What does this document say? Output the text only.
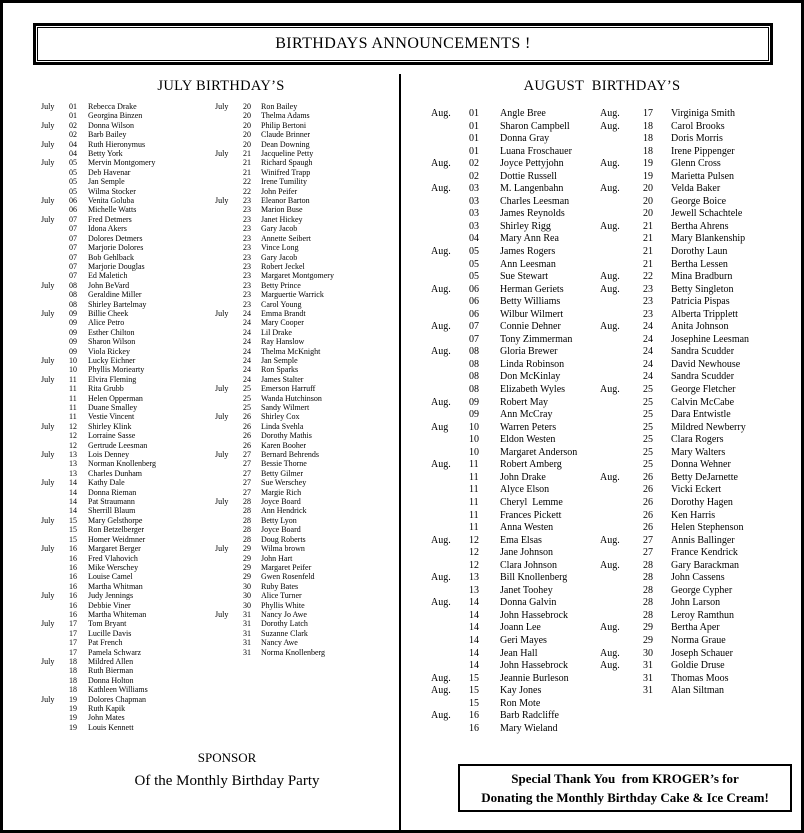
BIRTHDAYS ANNOUNCEMENTS !
JULY BIRTHDAY’S	AUGUST  BIRTHDAY’S
July	01	Rebecca Drake
01	Georgina Binzen
July	02	Donna Wilson
02	Barb Bailey
July	04	Ruth Hieronymus
04	Betty York
July	05	Mervin Montgomery
05	Deb Havenar
05	Jan Semple
05	Wilma Stocker
July	06	Venita Goluba
06	Michelle Watts
July	07	Fred Detmers
07	Idona Akers
07	Dolores Detmers
07	Marjorie Dolores
07	Bob Gehlback
07	Marjorie Douglas
07	Ed Maletich
July	08	John BeVard
08	Geraldine Miller
08	Shirley Bartelmay
July	09	Billie Cheek
09	Alice Petro
09	Esther Chilton
09	Sharon Wilson
09	Viola Rickey
July	10	Lucky Eichner
10	Phyllis Moriearty
July	11	Elvira Fleming
11	Rita Grubb
11	Helen Opperman
11	Duane Smalley
11	Vestie Vincent
July	12	Shirley Klink
12	Lorraine Sasse
12	Gertrude Leesman
July	13	Lois Denney
13	Norman Knollenberg
13	Charles Dunham
July	14	Kathy Dale
14	Donna Rieman
14	Pat Straumann
14	Sherrill Blaum
July	15	Mary Gelsthorpe
15	Ron Betzelberger
15	Homer Weidmner
July	16	Margaret Berger
16	Fred Vlahovich
16	Mike Werschey
16	Louise Camel
16	Martha Whitman
July	16	Judy Jennings
16	Debbie Viner
16	Martha Whiteman
July	17	Tom Bryant
17	Lucille Davis
17	Pat French
17	Pamela Schwarz
July	18	Mildred Allen
18	Ruth Bierman
18	Donna Holton
18	Kathleen Williams
July	19	Dolores Chapman
19	Ruth Kapik
19	John Mates
19	Louis Kennett
July	20	Ron Bailey
20	Thelma Adams
20	Philip Bertoni
20	Claude Brinner
20	Dean Downing
July	21	Jacqueline Petty
21	Richard Spaugh
21	Winifred Trapp
22	Irene Tumility
22	John Peifer
July	23	Eleanor Barton
23	Marion Buse
23	Janet Hickey
23	Gary Jacob
23	Annette Seibert
23	Vince Long
23	Gary Jacob
23	Robert Jeckel
23	Margaret Montgomery
23	Betty Prince
23	Marguertie Warrick
23	Carol Young
July	24	Emma Brandt
24	Mary Cooper
24	Lil Drake
24	Ray Hanslow
24	Thelma McKnight
24	Jan Semple
24	Ron Sparks
24	James Stalter
July	25	Emerson Harruff
25	Wanda Hutchinson
25	Sandy Wilmert
July	26	Shirley Cox
26	Linda Svehla
26	Dorothy Mathis
26	Karen Booher
July	27	Bernard Behrends
27	Bessie Thorne
27	Betty Gilmer
27	Sue Werschey
27	Margie Rich
July	28	Joyce Board
28	Ann Hendrick
28	Betty Lyon
28	Joyce Board
28	Doug Roberts
July	29	Wilma brown
29	John Hart
29	Margaret Peifer
29	Gwen Rosenfeld
30	Ruby Bates
30	Alice Turner
30	Phyllis White
July	31	Nancy Jo Awe
31	Dorothy Latch
31	Suzanne Clark
31	Nancy Awe
31	Norma Knollenberg
Aug.	01	Angle Bree
01	Sharon Campbell
01	Donna Gray
01	Luana Froschauer
Aug.	02	Joyce Pettyjohn
02	Dottie Russell
Aug.	03	M. Langenbahn
03	Charles Leesman
03	James Reynolds
03	Shirley Rigg
04	Mary Ann Rea
Aug.	05	James Rogers
05	Ann Leesman
05	Sue Stewart
Aug.	06	Herman Geriets
06	Betty Williams
06	Wilbur Wilmert
Aug.	07	Connie Dehner
07	Tony Zimmerman
Aug.	08	Gloria Brewer
08	Linda Robinson
08	Don McKinlay
08	Elizabeth Wyles
Aug.	09	Robert May
09	Ann McCray
Aug	10	Warren Peters
10	Eldon Westen
10	Margaret Anderson
Aug.	11	Robert Amberg
11	John Drake
11	Alyce Elson
11	Cheryl  Lemme
11	Frances Pickett
11	Anna Westen
Aug.	12	Ema Elsas
12	Jane Johnson
12	Clara Johnson
Aug.	13	Bill Knollenberg
13	Janet Toohey
Aug.	14	Donna Galvin
14	John Hassebrock
14	Joann Lee
14	Geri Mayes
14	Jean Hall
14	John Hassebrock
Aug.	15	Jeannie Burleson
Aug.	15	Kay Jones
15	Ron Mote
Aug.	16	Barb Radcliffe
16	Mary Wieland
Aug.	17	Virginiga Smith
Aug.	18	Carol Brooks
18	Doris Morris
18	Irene Pippenger
Aug.	19	Glenn Cross
19	Marietta Pulsen
Aug.	20	Velda Baker
20	George Boice
20	Jewell Schachtele
Aug.	21	Bertha Ahrens
21	Mary Blankenship
21	Dorothy Laun
21	Bertha Lessen
Aug.	22	Mina Bradburn
Aug.	23	Betty Singleton
23	Patricia Pispas
23	Alberta Tripplett
Aug.	24	Anita Johnson
24	Josephine Leesman
24	Sandra Scudder
24	David Newhouse
24	Sandra Scudder
Aug.	25	George Fletcher
25	Calvin McCabe
25	Dara Entwistle
25	Mildred Newberry
25	Clara Rogers
25	Mary Walters
25	Donna Wehner
Aug.	26	Betty DeJarnette
26	Vicki Eckert
26	Dorothy Hagen
26	Ken Harris
26	Helen Stephenson
Aug.	27	Annis Ballinger
27	France Kendrick
Aug.	28	Gary Barackman
28	John Cassens
28	George Cypher
28	John Larson
28	Leroy Ramthun
Aug.	29	Bertha Aper
29	Norma Graue
Aug.	30	Joseph Schauer
Aug.	31	Goldie Druse
31	Thomas Moos
31	Alan Siltman
SPONSOR
Of the Monthly Birthday Party	Special Thank You  from KROGER’s for
Donating the Monthly Birthday Cake & Ice Cream!
